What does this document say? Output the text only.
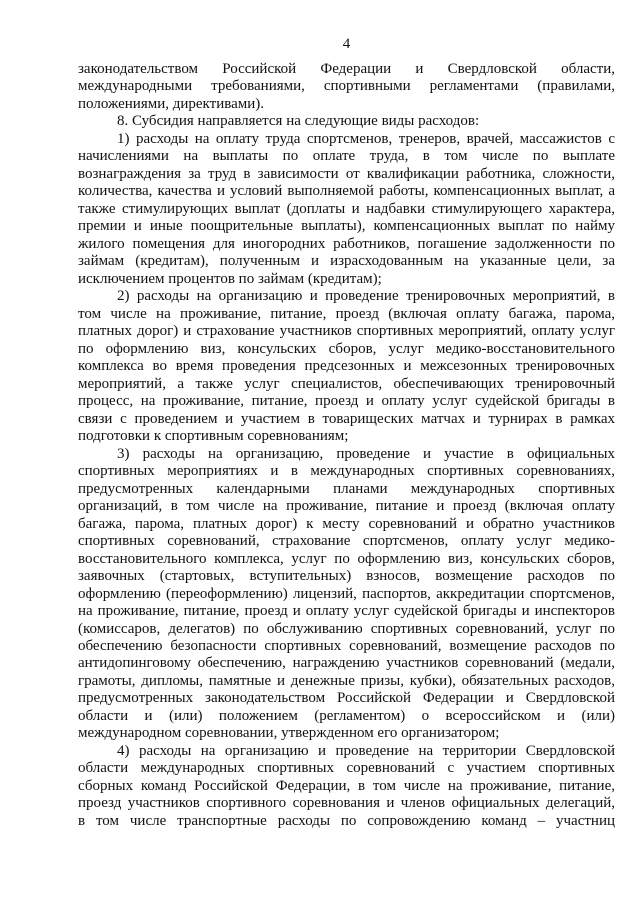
4
законодательством Российской Федерации и Свердловской области,
международными требованиями, спортивными регламентами (правилами,
положениями, директивами).
8. Субсидия направляется на следующие виды расходов:
1) расходы на оплату труда спортсменов, тренеров, врачей, массажистов с
начислениями на выплаты по оплате труда, в том числе по выплате
вознаграждения за труд в зависимости от квалификации работника, сложности,
количества, качества и условий выполняемой работы, компенсационных выплат, а
также стимулирующих выплат (доплаты и надбавки стимулирующего характера,
премии и иные поощрительные выплаты), компенсационных выплат по найму
жилого помещения для иногородних работников, погашение задолженности по
займам (кредитам), полученным и израсходованным на указанные цели, за
исключением процентов по займам (кредитам);
2) расходы на организацию и проведение тренировочных мероприятий, в
том числе на проживание, питание, проезд (включая оплату багажа, парома,
платных дорог) и страхование участников спортивных мероприятий, оплату услуг
по оформлению виз, консульских сборов, услуг медико-восстановительного
комплекса во время проведения предсезонных и межсезонных тренировочных
мероприятий, а также услуг специалистов, обеспечивающих тренировочный
процесс, на проживание, питание, проезд и оплату услуг судейской бригады в
связи с проведением и участием в товарищеских матчах и турнирах в рамках
подготовки к спортивным соревнованиям;
3) расходы на организацию, проведение и участие в официальных
спортивных мероприятиях и в международных спортивных соревнованиях,
предусмотренных календарными планами международных спортивных
организаций, в том числе на проживание, питание и проезд (включая оплату
багажа, парома, платных дорог) к месту соревнований и обратно участников
спортивных соревнований, страхование спортсменов, оплату услуг медико-
восстановительного комплекса, услуг по оформлению виз, консульских сборов,
заявочных (стартовых, вступительных) взносов, возмещение расходов по
оформлению (переоформлению) лицензий, паспортов, аккредитации спортсменов,
на проживание, питание, проезд и оплату услуг судейской бригады и инспекторов
(комиссаров, делегатов) по обслуживанию спортивных соревнований, услуг по
обеспечению безопасности спортивных соревнований, возмещение расходов по
антидопинговому обеспечению, награждению участников соревнований (медали,
грамоты, дипломы, памятные и денежные призы, кубки), обязательных расходов,
предусмотренных законодательством Российской Федерации и Свердловской
области и (или) положением (регламентом) о всероссийском и (или)
международном соревновании, утвержденном его организатором;
4) расходы на организацию и проведение на территории Свердловской
области международных спортивных соревнований с участием спортивных
сборных команд Российской Федерации, в том числе на проживание, питание,
проезд участников спортивного соревнования и членов официальных делегаций,
в том числе транспортные расходы по сопровождению команд – участниц
